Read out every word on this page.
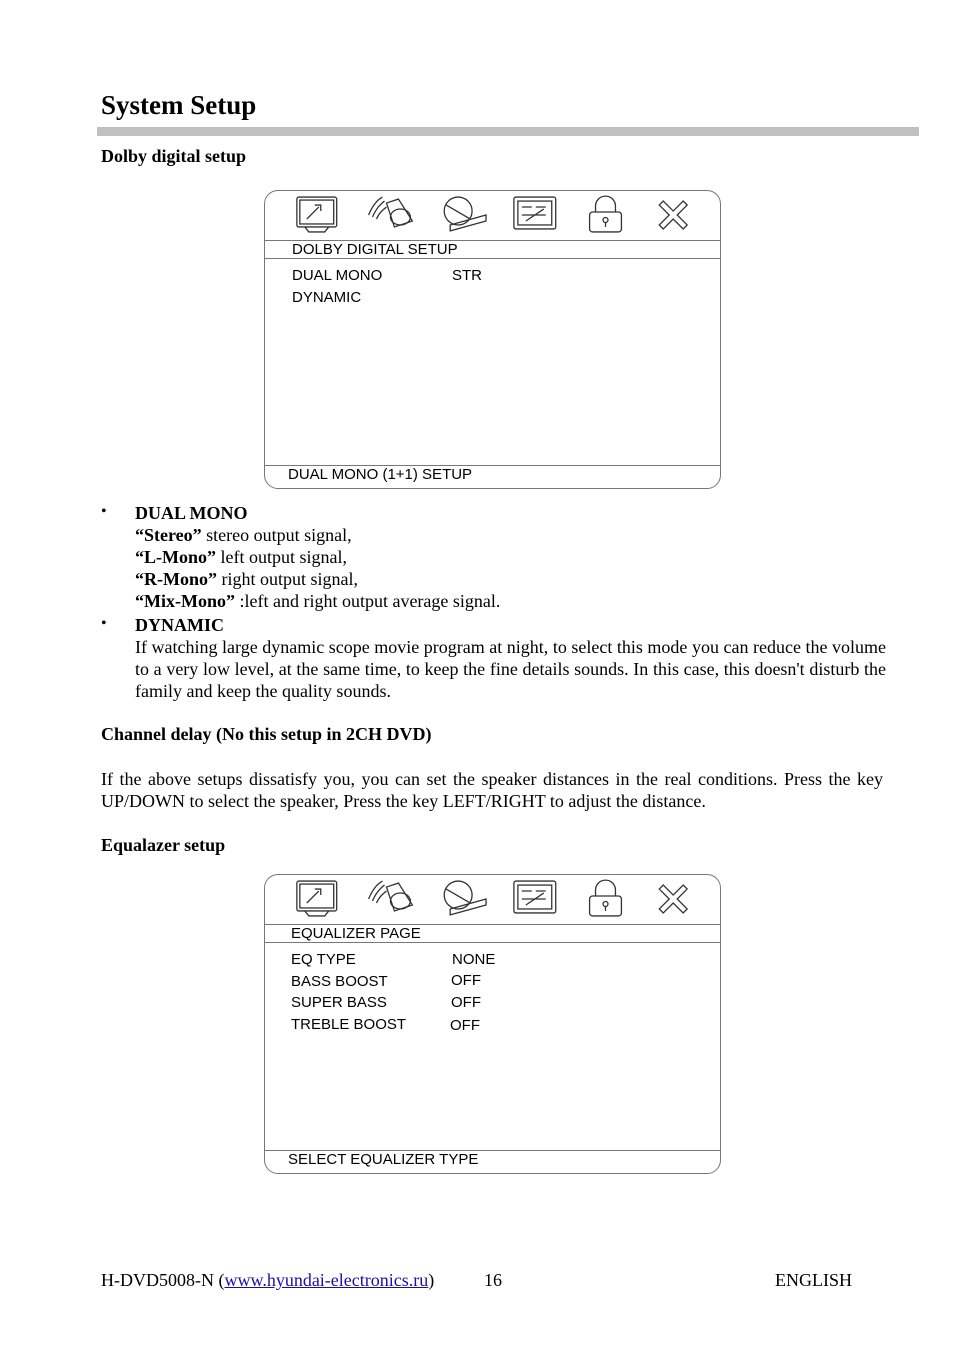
System Setup
Dolby digital setup
DOLBY DIGITAL SETUP
DUAL MONO	STR
DYNAMIC
DUAL MONO (1+1) SETUP
• DUAL MONO
“Stereo” stereo output signal,
“L-Mono” left output signal,
“R-Mono” right output signal,
“Mix-Mono” :left and right output average signal.
• DYNAMIC
If watching large dynamic scope movie program at night, to select this mode you can reduce the volume to a very low level, at the same time, to keep the fine details sounds. In this case, this doesn't disturb the family and keep the quality sounds.
Channel delay (No this setup in 2CH DVD)
If the above setups dissatisfy you, you can set the speaker distances in the real conditions. Press the key UP/DOWN to select the speaker, Press the key LEFT/RIGHT to adjust the distance.
Equalazer setup
EQUALIZER PAGE
EQ TYPE	NONE
BASS BOOST	OFF
SUPER BASS	OFF
TREBLE BOOST	OFF
SELECT EQUALIZER TYPE
H-DVD5008-N (www.hyundai-electronics.ru)	16	ENGLISH
